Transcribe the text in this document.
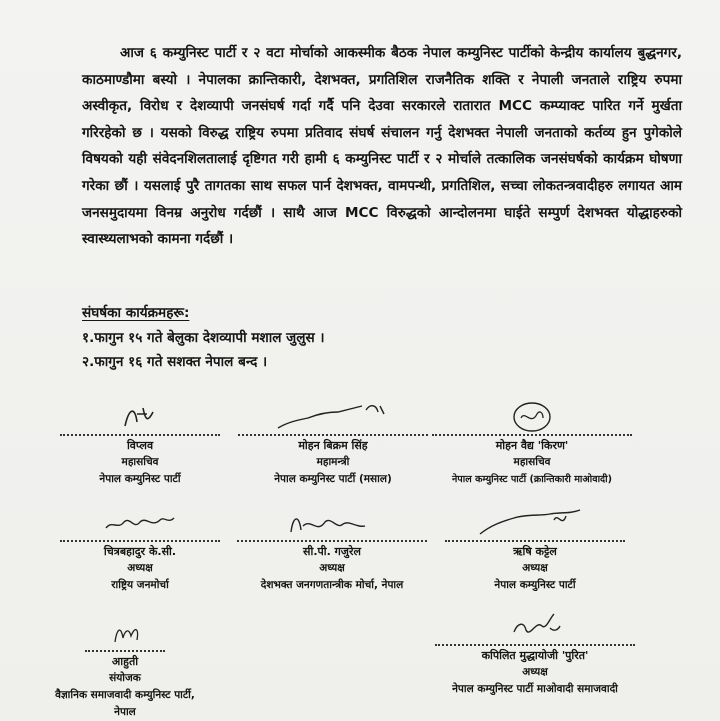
आज ६ कम्युनिस्ट पार्टी र २ वटा मोर्चाको आकस्मीक बैठक नेपाल कम्युनिस्ट पार्टीको केन्द्रीय कार्यालय बुद्धनगर, काठमाण्डौमा बस्यो । नेपालका क्रान्तिकारी, देशभक्त, प्रगतिशिल राजनैतिक शक्ति र नेपाली जनताले राष्ट्रिय रुपमा अस्वीकृत, विरोध र देशव्यापी जनसंघर्ष गर्दा गर्दै पनि देउवा सरकारले रातारात MCC कम्प्याक्ट पारित गर्ने मुर्खता गरिरहेको छ । यसको विरुद्ध राष्ट्रिय रुपमा प्रतिवाद संघर्ष संचालन गर्नु देशभक्त नेपाली जनताको कर्तव्य हुन पुगेकोले विषयको यही संवेदनशिलतालाई दृष्टिगत गरी हामी ६ कम्युनिस्ट पार्टी र २ मोर्चाले तत्कालिक जनसंघर्षको कार्यक्रम घोषणा गरेका छौं । यसलाई पुरै तागतका साथ सफल पार्न देशभक्त, वामपन्थी, प्रगतिशिल, सच्चा लोकतन्त्रवादीहरु लगायत आम जनसमुदायमा विनम्र अनुरोध गर्दछौं । साथै आज MCC विरुद्धको आन्दोलनमा घाईते सम्पुर्ण देशभक्त योद्धाहरुको स्वास्थ्यलाभको कामना गर्दछौं ।

संघर्षका कार्यक्रमहरू:
१.फागुन १५ गते बेलुका देशव्यापी मशाल जुलुस ।
२.फागुन १६ गते सशक्त नेपाल बन्द ।
विप्लव
महासचिव
नेपाल कम्युनिस्ट पार्टी
मोहन बिक्रम सिंह
महामन्त्री
नेपाल कम्युनिस्ट पार्टी (मसाल)
मोहन वैद्य 'किरण'
महासचिव
नेपाल कम्युनिस्ट पार्टी (क्रान्तिकारी माओवादी)
चित्रबहादुर के.सी.
अध्यक्ष
राष्ट्रिय जनमोर्चा
सी.पी. गजुरेल
अध्यक्ष
देशभक्त जनगणतान्त्रीक मोर्चा, नेपाल
ऋषि कट्टेल
अध्यक्ष
नेपाल कम्युनिस्ट पार्टी
आहुती
संयोजक
वैज्ञानिक समाजवादी कम्युनिस्ट पार्टी, नेपाल
कपिलित मुद्धायोजी 'पुरित'
अध्यक्ष
नेपाल कम्युनिस्ट पार्टी माओवादी समाजवादी
